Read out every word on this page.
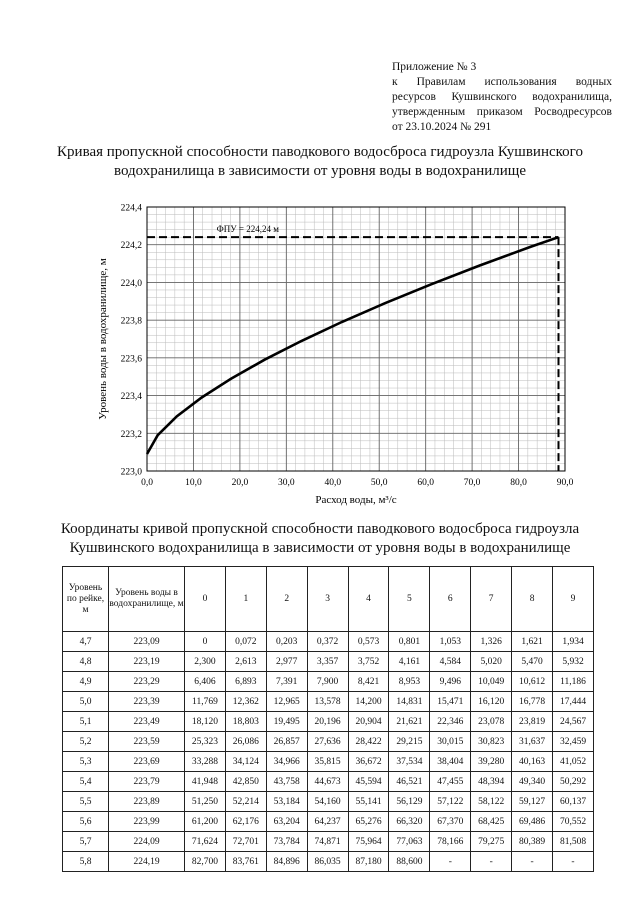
Приложение № 3
к Правилам использования водных
ресурсов Кушвинского водохранилища,
утвержденным приказом Росводресурсов
от 23.10.2024 № 291
Кривая пропускной способности паводкового водосброса гидроузла Кушвинского водохранилища в зависимости от уровня воды в водохранилище
0,0	10,0	20,0	30,0	40,0	50,0	60,0	70,0	80,0	90,0
223,0
223,2
223,4
223,6
223,8
224,0
224,2
224,4
ФПУ = 224,24 м
Расход воды, м³/с
Уровень воды в водохранилище, м
Координаты кривой пропускной способности паводкового водосброса гидроузла Кушвинского водохранилища в зависимости от уровня воды в водохранилище
Уровень по рейке, м	Уровень воды в водохранилище, м	0	1	2	3	4	5	6	7	8	9
4,7	223,09	0	0,072	0,203	0,372	0,573	0,801	1,053	1,326	1,621	1,934
4,8	223,19	2,300	2,613	2,977	3,357	3,752	4,161	4,584	5,020	5,470	5,932
4,9	223,29	6,406	6,893	7,391	7,900	8,421	8,953	9,496	10,049	10,612	11,186
5,0	223,39	11,769	12,362	12,965	13,578	14,200	14,831	15,471	16,120	16,778	17,444
5,1	223,49	18,120	18,803	19,495	20,196	20,904	21,621	22,346	23,078	23,819	24,567
5,2	223,59	25,323	26,086	26,857	27,636	28,422	29,215	30,015	30,823	31,637	32,459
5,3	223,69	33,288	34,124	34,966	35,815	36,672	37,534	38,404	39,280	40,163	41,052
5,4	223,79	41,948	42,850	43,758	44,673	45,594	46,521	47,455	48,394	49,340	50,292
5,5	223,89	51,250	52,214	53,184	54,160	55,141	56,129	57,122	58,122	59,127	60,137
5,6	223,99	61,200	62,176	63,204	64,237	65,276	66,320	67,370	68,425	69,486	70,552
5,7	224,09	71,624	72,701	73,784	74,871	75,964	77,063	78,166	79,275	80,389	81,508
5,8	224,19	82,700	83,761	84,896	86,035	87,180	88,600	-	-	-	-
